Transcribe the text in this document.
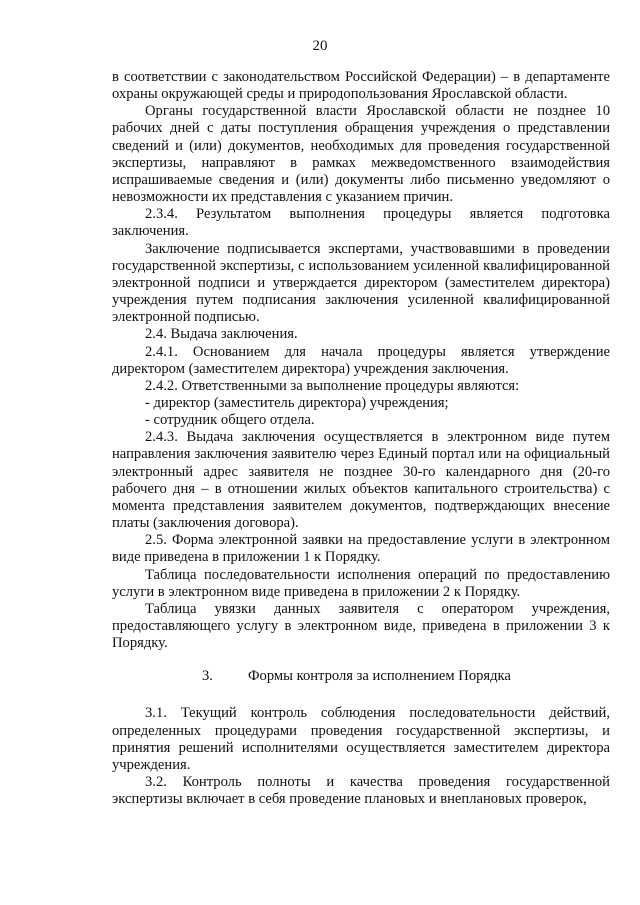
20

в соответствии с законодательством Российской Федерации) – в департаменте охраны окружающей среды и природопользования Ярославской области.

Органы государственной власти Ярославской области не позднее 10 рабочих дней с даты поступления обращения учреждения о представлении сведений и (или) документов, необходимых для проведения государственной экспертизы, направляют в рамках межведомственного взаимодействия испрашиваемые сведения и (или) документы либо письменно уведомляют о невозможности их представления с указанием причин.

2.3.4. Результатом выполнения процедуры является подготовка заключения.

Заключение подписывается экспертами, участвовавшими в проведении государственной экспертизы, с использованием усиленной квалифицированной электронной подписи и утверждается директором (заместителем директора) учреждения путем подписания заключения усиленной квалифицированной электронной подписью.

2.4. Выдача заключения.

2.4.1. Основанием для начала процедуры является утверждение директором (заместителем директора) учреждения заключения.

2.4.2. Ответственными за выполнение процедуры являются:

- директор (заместитель директора) учреждения;

- сотрудник общего отдела.

2.4.3. Выдача заключения осуществляется в электронном виде путем направления заключения заявителю через Единый портал или на официальный электронный адрес заявителя не позднее 30-го календарного дня (20-го рабочего дня – в отношении жилых объектов капитального строительства) с момента представления заявителем документов, подтверждающих внесение платы (заключения договора).

2.5. Форма электронной заявки на предоставление услуги в электронном виде приведена в приложении 1 к Порядку.

Таблица последовательности исполнения операций по предоставлению услуги в электронном виде приведена в приложении 2 к Порядку.

Таблица увязки данных заявителя с оператором учреждения, предоставляющего услугу в электронном виде, приведена в приложении 3 к Порядку.

3. Формы контроля за исполнением Порядка

3.1. Текущий контроль соблюдения последовательности действий, определенных процедурами проведения государственной экспертизы, и принятия решений исполнителями осуществляется заместителем директора учреждения.

3.2. Контроль полноты и качества проведения государственной экспертизы включает в себя проведение плановых и внеплановых проверок,
